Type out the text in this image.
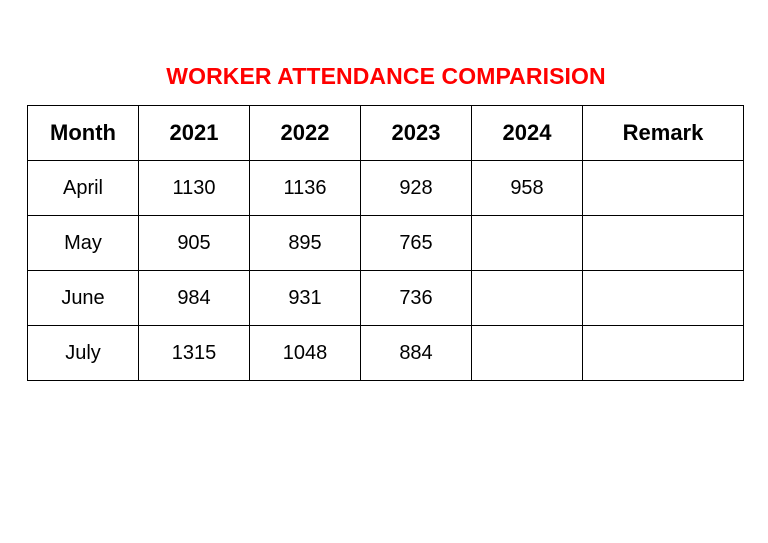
WORKER ATTENDANCE COMPARISION
Month	2021	2022	2023	2024	Remark
April	1130	1136	928	958	
May	905	895	765		
June	984	931	736		
July	1315	1048	884		
